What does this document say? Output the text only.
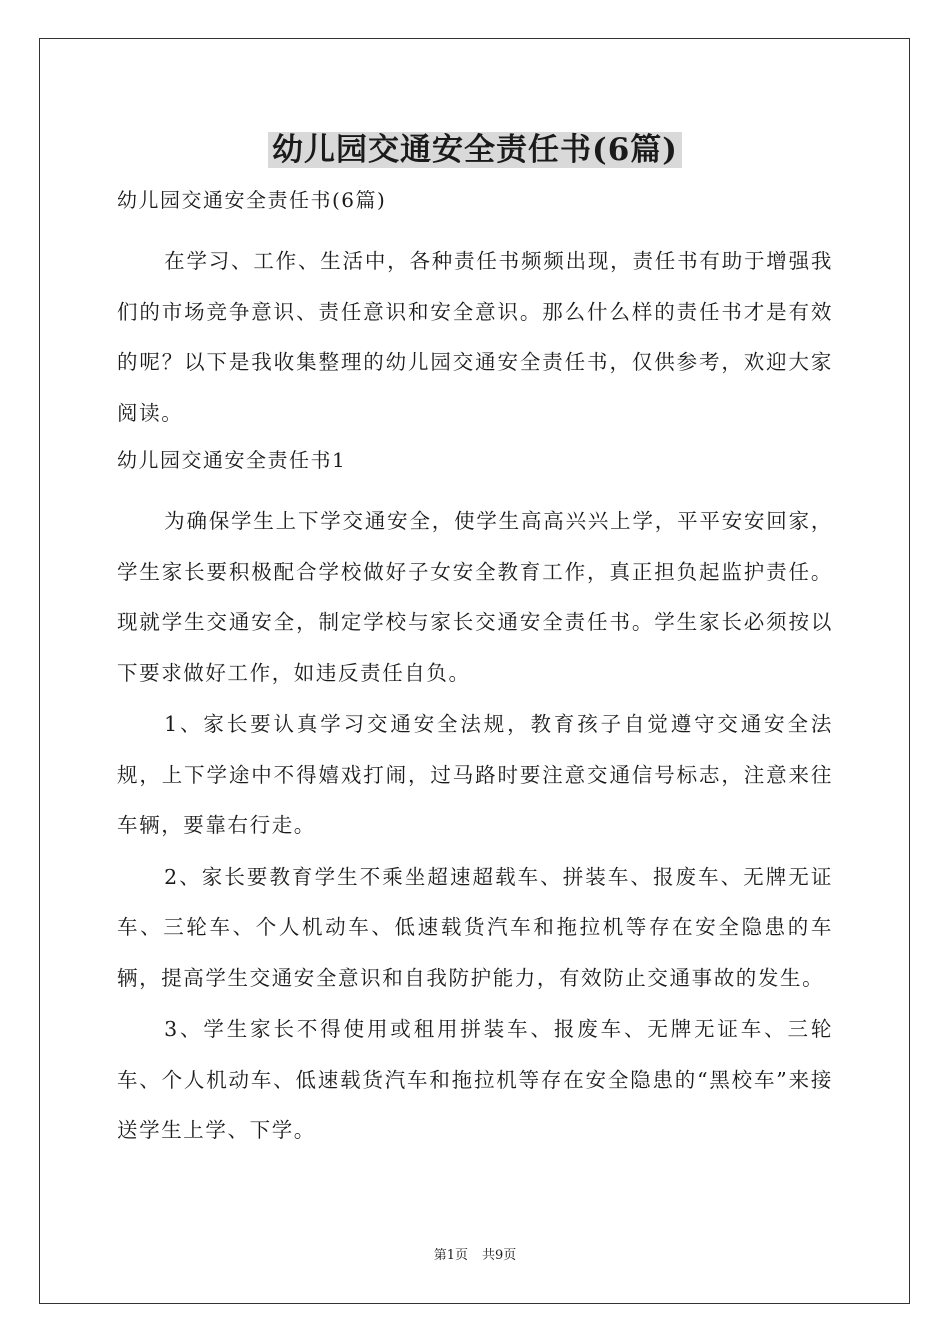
幼儿园交通安全责任书(6篇)

幼儿园交通安全责任书(6篇)

在学习、工作、生活中，各种责任书频频出现，责任书有助于增强我们的市场竞争意识、责任意识和安全意识。那么什么样的责任书才是有效的呢？以下是我收集整理的幼儿园交通安全责任书，仅供参考，欢迎大家阅读。

幼儿园交通安全责任书1

为确保学生上下学交通安全，使学生高高兴兴上学，平平安安回家，学生家长要积极配合学校做好子女安全教育工作，真正担负起监护责任。现就学生交通安全，制定学校与家长交通安全责任书。学生家长必须按以下要求做好工作，如违反责任自负。

1、家长要认真学习交通安全法规，教育孩子自觉遵守交通安全法规，上下学途中不得嬉戏打闹，过马路时要注意交通信号标志，注意来往车辆，要靠右行走。

2、家长要教育学生不乘坐超速超载车、拼装车、报废车、无牌无证车、三轮车、个人机动车、低速载货汽车和拖拉机等存在安全隐患的车辆，提高学生交通安全意识和自我防护能力，有效防止交通事故的发生。

3、学生家长不得使用或租用拼装车、报废车、无牌无证车、三轮车、个人机动车、低速载货汽车和拖拉机等存在安全隐患的“黑校车”来接送学生上学、下学。

第1页 共9页
